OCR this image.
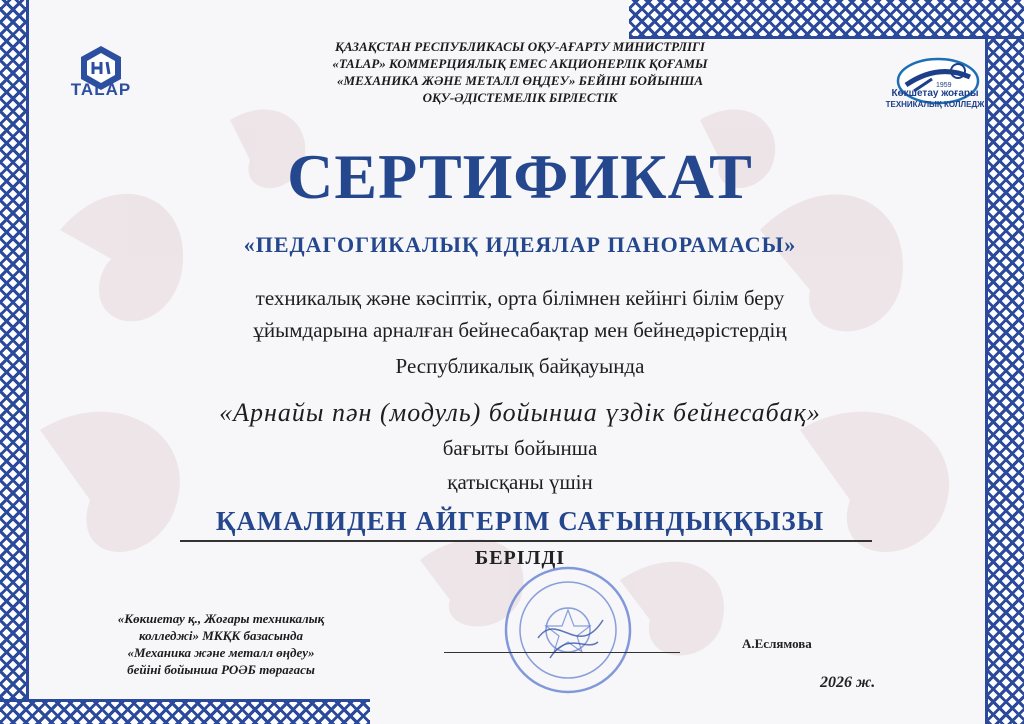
TALAP	1959
Көкшетау жоғары
ТЕХНИКАЛЫҚ КОЛЛЕДЖ
ҚАЗАҚСТАН РЕСПУБЛИКАСЫ ОҚУ-АҒАРТУ МИНИСТРЛІГІ
«TALAP» КОММЕРЦИЯЛЫҚ ЕМЕС АКЦИОНЕРЛІК ҚОҒАМЫ
«МЕХАНИКА ЖӘНЕ МЕТАЛЛ ӨҢДЕУ» БЕЙІНІ БОЙЫНША
ОҚУ-ӘДІСТЕМЕЛІК БІРЛЕСТІК
СЕРТИФИКАТ
«ПЕДАГОГИКАЛЫҚ ИДЕЯЛАР ПАНОРАМАСЫ»
техникалық және кәсіптік, орта білімнен кейінгі білім беру
ұйымдарына арналған бейнесабақтар мен бейнедәрістердің
Республикалық байқауында
«Арнайы пән (модуль) бойынша үздік бейнесабақ»
бағыты бойынша
қатысқаны үшін
ҚАМАЛИДЕН АЙГЕРІМ САҒЫНДЫҚҚЫЗЫ
БЕРІЛДІ
«Көкшетау қ., Жоғары техникалық
колледжі» МКҚК базасында
«Механика және металл өңдеу»
бейіні бойынша РОӘБ төрағасы
А.Еслямова
2026 ж.
